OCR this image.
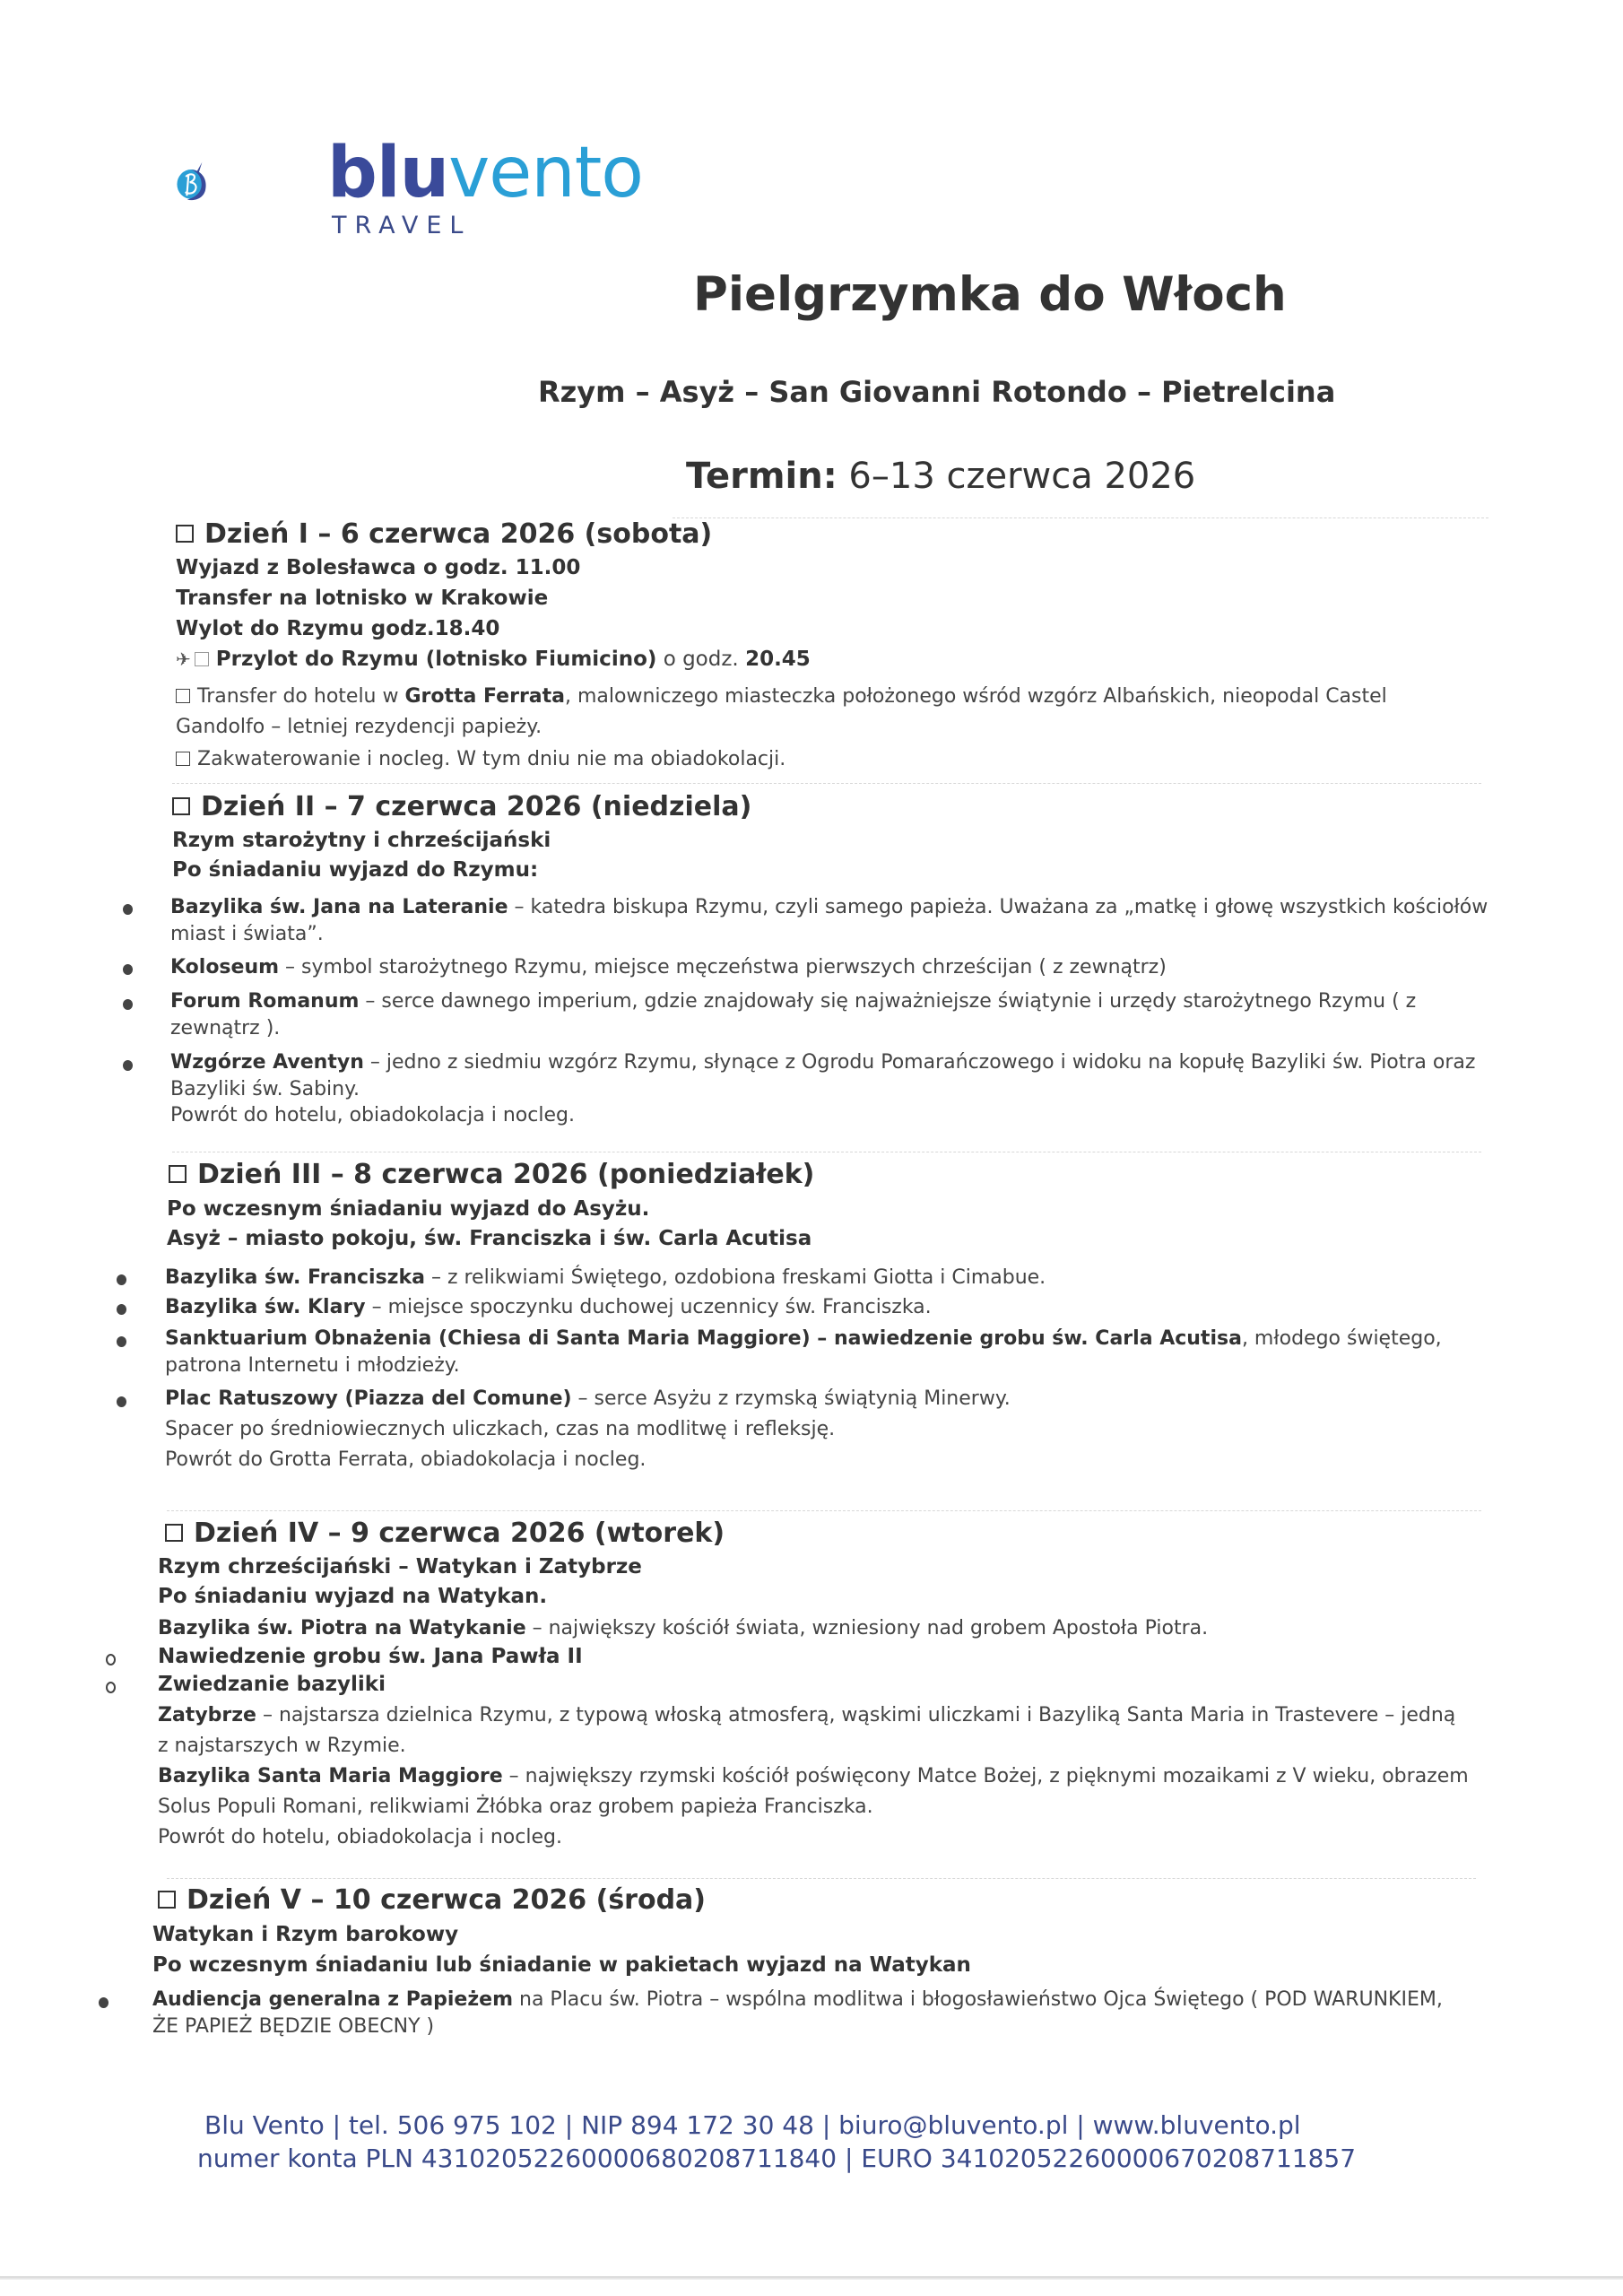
bluvento
TRAVEL
Pielgrzymka do Włoch
Rzym – Asyż – San Giovanni Rotondo – Pietrelcina
Termin: 6–13 czerwca 2026
Dzień I – 6 czerwca 2026 (sobota)
Wyjazd z Bolesławca o godz. 11.00
Transfer na lotnisko w Krakowie
Wylot do Rzymu godz.18.40
✈ Przylot do Rzymu (lotnisko Fiumicino) o godz. 20.45
Transfer do hotelu w Grotta Ferrata, malowniczego miasteczka położonego wśród wzgórz Albańskich, nieopodal Castel Gandolfo – letniej rezydencji papieży.
Zakwaterowanie i nocleg. W tym dniu nie ma obiadokolacji.
Dzień II – 7 czerwca 2026 (niedziela)
Rzym starożytny i chrześcijański
Po śniadaniu wyjazd do Rzymu:
Bazylika św. Jana na Lateranie – katedra biskupa Rzymu, czyli samego papieża. Uważana za „matkę i głowę wszystkich kościołów miast i świata”.
Koloseum – symbol starożytnego Rzymu, miejsce męczeństwa pierwszych chrześcijan ( z zewnątrz)
Forum Romanum – serce dawnego imperium, gdzie znajdowały się najważniejsze świątynie i urzędy starożytnego Rzymu ( z zewnątrz ).
Wzgórze Aventyn – jedno z siedmiu wzgórz Rzymu, słynące z Ogrodu Pomarańczowego i widoku na kopułę Bazyliki św. Piotra oraz Bazyliki św. Sabiny.
Powrót do hotelu, obiadokolacja i nocleg.
Dzień III – 8 czerwca 2026 (poniedziałek)
Po wczesnym śniadaniu wyjazd do Asyżu.
Asyż – miasto pokoju, św. Franciszka i św. Carla Acutisa
Bazylika św. Franciszka – z relikwiami Świętego, ozdobiona freskami Giotta i Cimabue.
Bazylika św. Klary – miejsce spoczynku duchowej uczennicy św. Franciszka.
Sanktuarium Obnażenia (Chiesa di Santa Maria Maggiore) – nawiedzenie grobu św. Carla Acutisa, młodego świętego, patrona Internetu i młodzieży.
Plac Ratuszowy (Piazza del Comune) – serce Asyżu z rzymską świątynią Minerwy.
Spacer po średniowiecznych uliczkach, czas na modlitwę i refleksję.
Powrót do Grotta Ferrata, obiadokolacja i nocleg.
Dzień IV – 9 czerwca 2026 (wtorek)
Rzym chrześcijański – Watykan i Zatybrze
Po śniadaniu wyjazd na Watykan.
Bazylika św. Piotra na Watykanie – największy kościół świata, wzniesiony nad grobem Apostoła Piotra.
Nawiedzenie grobu św. Jana Pawła II
Zwiedzanie bazyliki
Zatybrze – najstarsza dzielnica Rzymu, z typową włoską atmosferą, wąskimi uliczkami i Bazyliką Santa Maria in Trastevere – jedną z najstarszych w Rzymie.
Bazylika Santa Maria Maggiore – największy rzymski kościół poświęcony Matce Bożej, z pięknymi mozaikami z V wieku, obrazem Solus Populi Romani, relikwiami Żłóbka oraz grobem papieża Franciszka.
Powrót do hotelu, obiadokolacja i nocleg.
Dzień V – 10 czerwca 2026 (środa)
Watykan i Rzym barokowy
Po wczesnym śniadaniu lub śniadanie w pakietach wyjazd na Watykan
Audiencja generalna z Papieżem na Placu św. Piotra – wspólna modlitwa i błogosławieństwo Ojca Świętego ( POD WARUNKIEM, ŻE PAPIEŻ BĘDZIE OBECNY )
Blu Vento | tel. 506 975 102 | NIP 894 172 30 48 | biuro@bluvento.pl | www.bluvento.pl
numer konta PLN 43102052260000680208711840 | EURO 34102052260000670208711857
